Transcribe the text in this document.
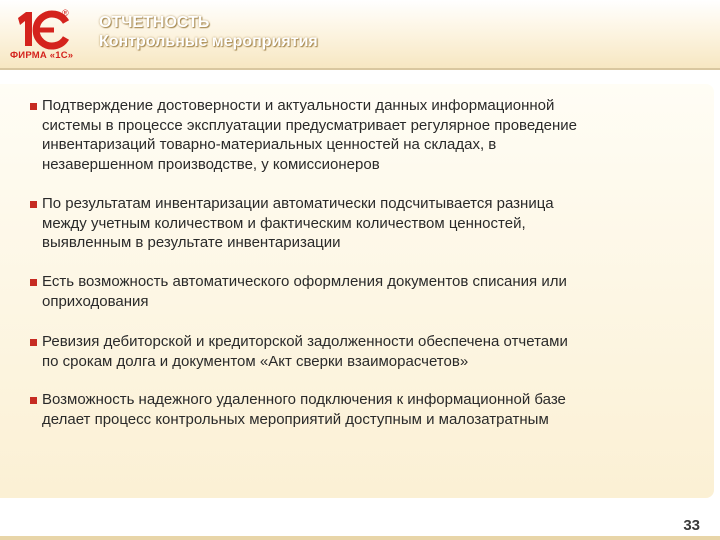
®
ФИРМА «1С»
ОТЧЕТНОСТЬ
Контрольные мероприятия
Подтверждение достоверности и актуальности данных информационной
системы в процессе эксплуатации предусматривает регулярное проведение
инвентаризаций товарно-материальных ценностей на складах, в
незавершенном производстве, у комиссионеров
По результатам инвентаризации автоматически подсчитывается разница
между учетным количеством и фактическим количеством ценностей,
выявленным в результате инвентаризации
Есть возможность автоматического оформления документов списания или
оприходования
Ревизия дебиторской и кредиторской задолженности обеспечена отчетами
по срокам долга и документом «Акт сверки взаиморасчетов»
Возможность надежного удаленного подключения к информационной базе
делает процесс контрольных мероприятий доступным и малозатратным
33
